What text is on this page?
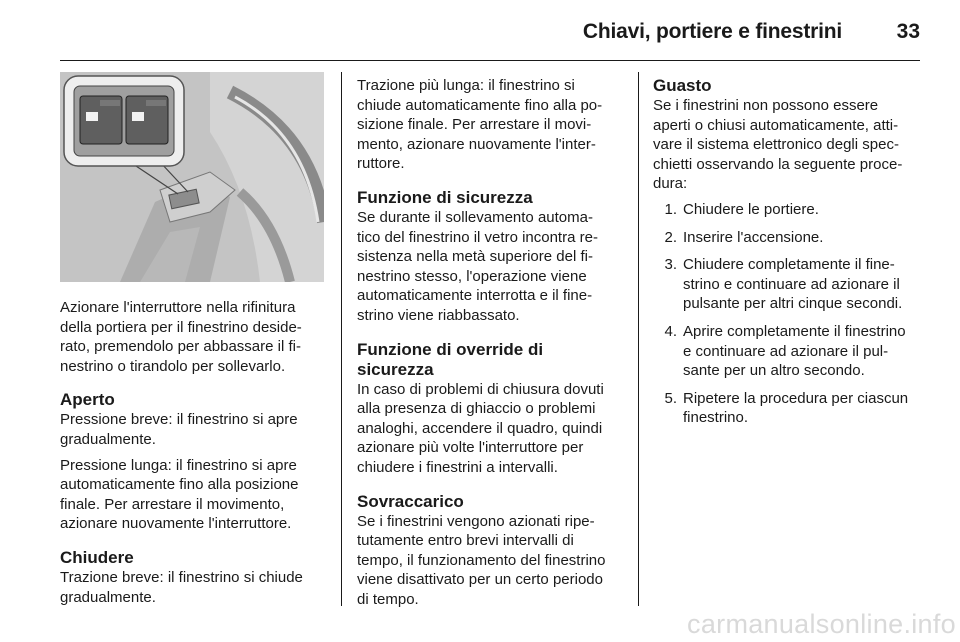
Chiavi, portiere e finestrini	33

Azionare l'interruttore nella rifinitura
della portiera per il finestrino deside-
rato, premendolo per abbassare il fi-
nestrino o tirandolo per sollevarlo.

Aperto

Pressione breve: il finestrino si apre
gradualmente.

Pressione lunga: il finestrino si apre
automaticamente fino alla posizione
finale. Per arrestare il movimento,
azionare nuovamente l'interruttore.

Chiudere

Trazione breve: il finestrino si chiude
gradualmente.

Trazione più lunga: il finestrino si
chiude automaticamente fino alla po-
sizione finale. Per arrestare il movi-
mento, azionare nuovamente l'inter-
ruttore.

Funzione di sicurezza

Se durante il sollevamento automa-
tico del finestrino il vetro incontra re-
sistenza nella metà superiore del fi-
nestrino stesso, l'operazione viene
automaticamente interrotta e il fine-
strino viene riabbassato.

Funzione di override di
sicurezza

In caso di problemi di chiusura dovuti
alla presenza di ghiaccio o problemi
analoghi, accendere il quadro, quindi
azionare più volte l'interruttore per
chiudere i finestrini a intervalli.

Sovraccarico

Se i finestrini vengono azionati ripe-
tutamente entro brevi intervalli di
tempo, il funzionamento del finestrino
viene disattivato per un certo periodo
di tempo.

Guasto

Se i finestrini non possono essere
aperti o chiusi automaticamente, atti-
vare il sistema elettronico degli spec-
chietti osservando la seguente proce-
dura:

1. Chiudere le portiere.
2. Inserire l'accensione.
3. Chiudere completamente il fine-
strino e continuare ad azionare il
pulsante per altri cinque secondi.
4. Aprire completamente il finestrino
e continuare ad azionare il pul-
sante per un altro secondo.
5. Ripetere la procedura per ciascun
finestrino.
carmanualsonline.info
